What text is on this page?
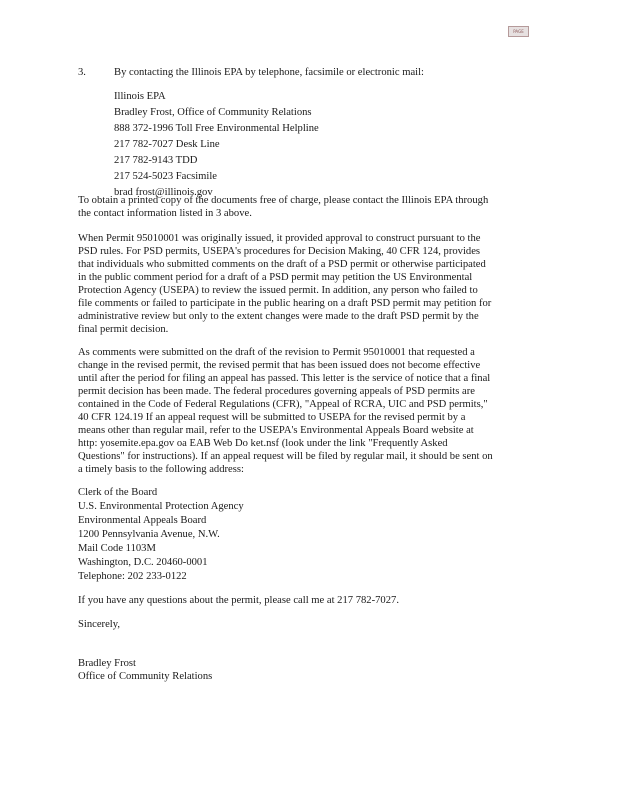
PAGE

3.	By contacting the Illinois EPA by telephone, facsimile or electronic mail:

Illinois EPA

Bradley Frost, Office of Community Relations

888 372-1996 Toll Free Environmental Helpline

217 782-7027 Desk Line

217 782-9143 TDD

217 524-5023 Facsimile

brad frost@illinois.gov

To obtain a printed copy of the documents free of charge, please contact the Illinois EPA through

the contact information listed in 3 above.

When Permit 95010001 was originally issued, it provided approval to construct pursuant to the

PSD rules. For PSD permits, USEPA's procedures for Decision Making, 40 CFR 124, provides

that individuals who submitted comments on the draft of a PSD permit or otherwise participated

in the public comment period for a draft of a PSD permit may petition the US Environmental

Protection Agency (USEPA) to review the issued permit. In addition, any person who failed to

file comments or failed to participate in the public hearing on a draft PSD permit may petition for

administrative review but only to the extent changes were made to the draft PSD permit by the

final permit decision.

As comments were submitted on the draft of the revision to Permit 95010001 that requested a

change in the revised permit, the revised permit that has been issued does not become effective

until after the period for filing an appeal has passed. This letter is the service of notice that a final

permit decision has been made. The federal procedures governing appeals of PSD permits are

contained in the Code of Federal Regulations (CFR), "Appeal of RCRA, UIC and PSD permits,"

40 CFR 124.19 If an appeal request will be submitted to USEPA for the revised permit by a

means other than regular mail, refer to the USEPA's Environmental Appeals Board website at

http: yosemite.epa.gov oa EAB Web Do ket.nsf (look under the link "Frequently Asked

Questions" for instructions). If an appeal request will be filed by regular mail, it should be sent on

a timely basis to the following address:

Clerk of the Board

U.S. Environmental Protection Agency

Environmental Appeals Board

1200 Pennsylvania Avenue, N.W.

Mail Code 1103M

Washington, D.C. 20460-0001

Telephone: 202 233-0122

If you have any questions about the permit, please call me at 217 782-7027.

Sincerely,

Bradley Frost

Office of Community Relations
